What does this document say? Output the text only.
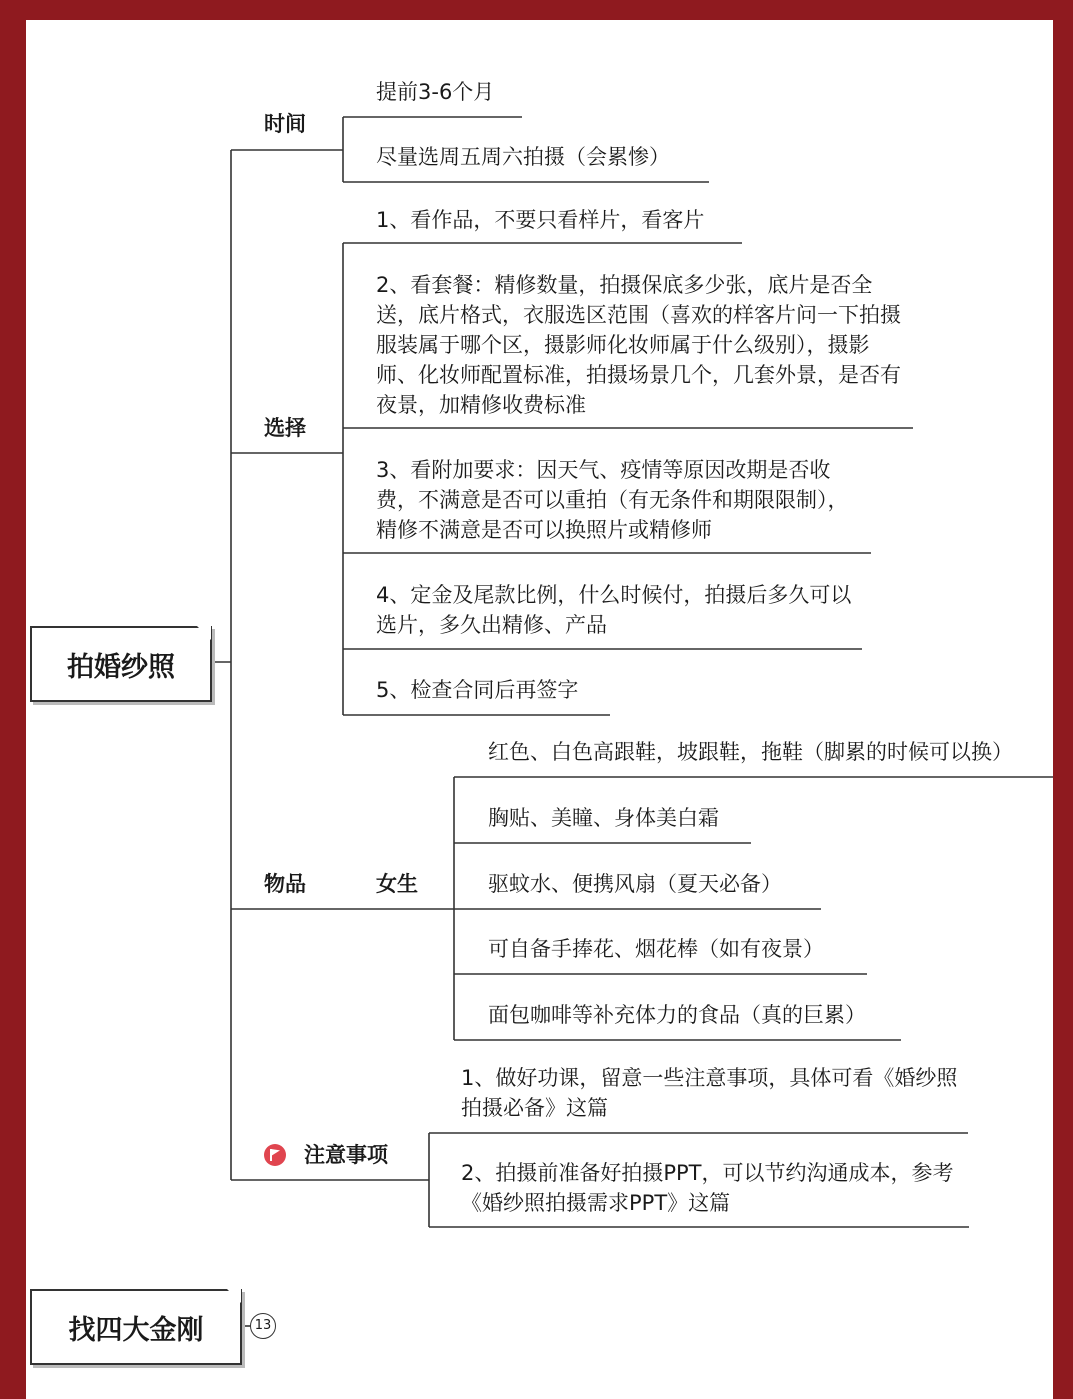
拍婚纱照
时间
选择
物品	女生
注意事项
提前3-6个月
尽量选周五周六拍摄（会累惨）
1、看作品，不要只看样片，看客片
2、看套餐：精修数量，拍摄保底多少张，底片是否全送，底片格式，衣服选区范围（喜欢的样客片问一下拍摄服装属于哪个区，摄影师化妆师属于什么级别），摄影师、化妆师配置标准，拍摄场景几个，几套外景，是否有夜景，加精修收费标准
3、看附加要求：因天气、疫情等原因改期是否收费，不满意是否可以重拍（有无条件和期限限制），精修不满意是否可以换照片或精修师
4、定金及尾款比例，什么时候付，拍摄后多久可以选片，多久出精修、产品
5、检查合同后再签字
红色、白色高跟鞋，坡跟鞋，拖鞋（脚累的时候可以换）
胸贴、美瞳、身体美白霜
驱蚊水、便携风扇（夏天必备）
可自备手捧花、烟花棒（如有夜景）
面包咖啡等补充体力的食品（真的巨累）
1、做好功课，留意一些注意事项，具体可看《婚纱照拍摄必备》这篇
2、拍摄前准备好拍摄PPT，可以节约沟通成本，参考《婚纱照拍摄需求PPT》这篇
找四大金刚	13
